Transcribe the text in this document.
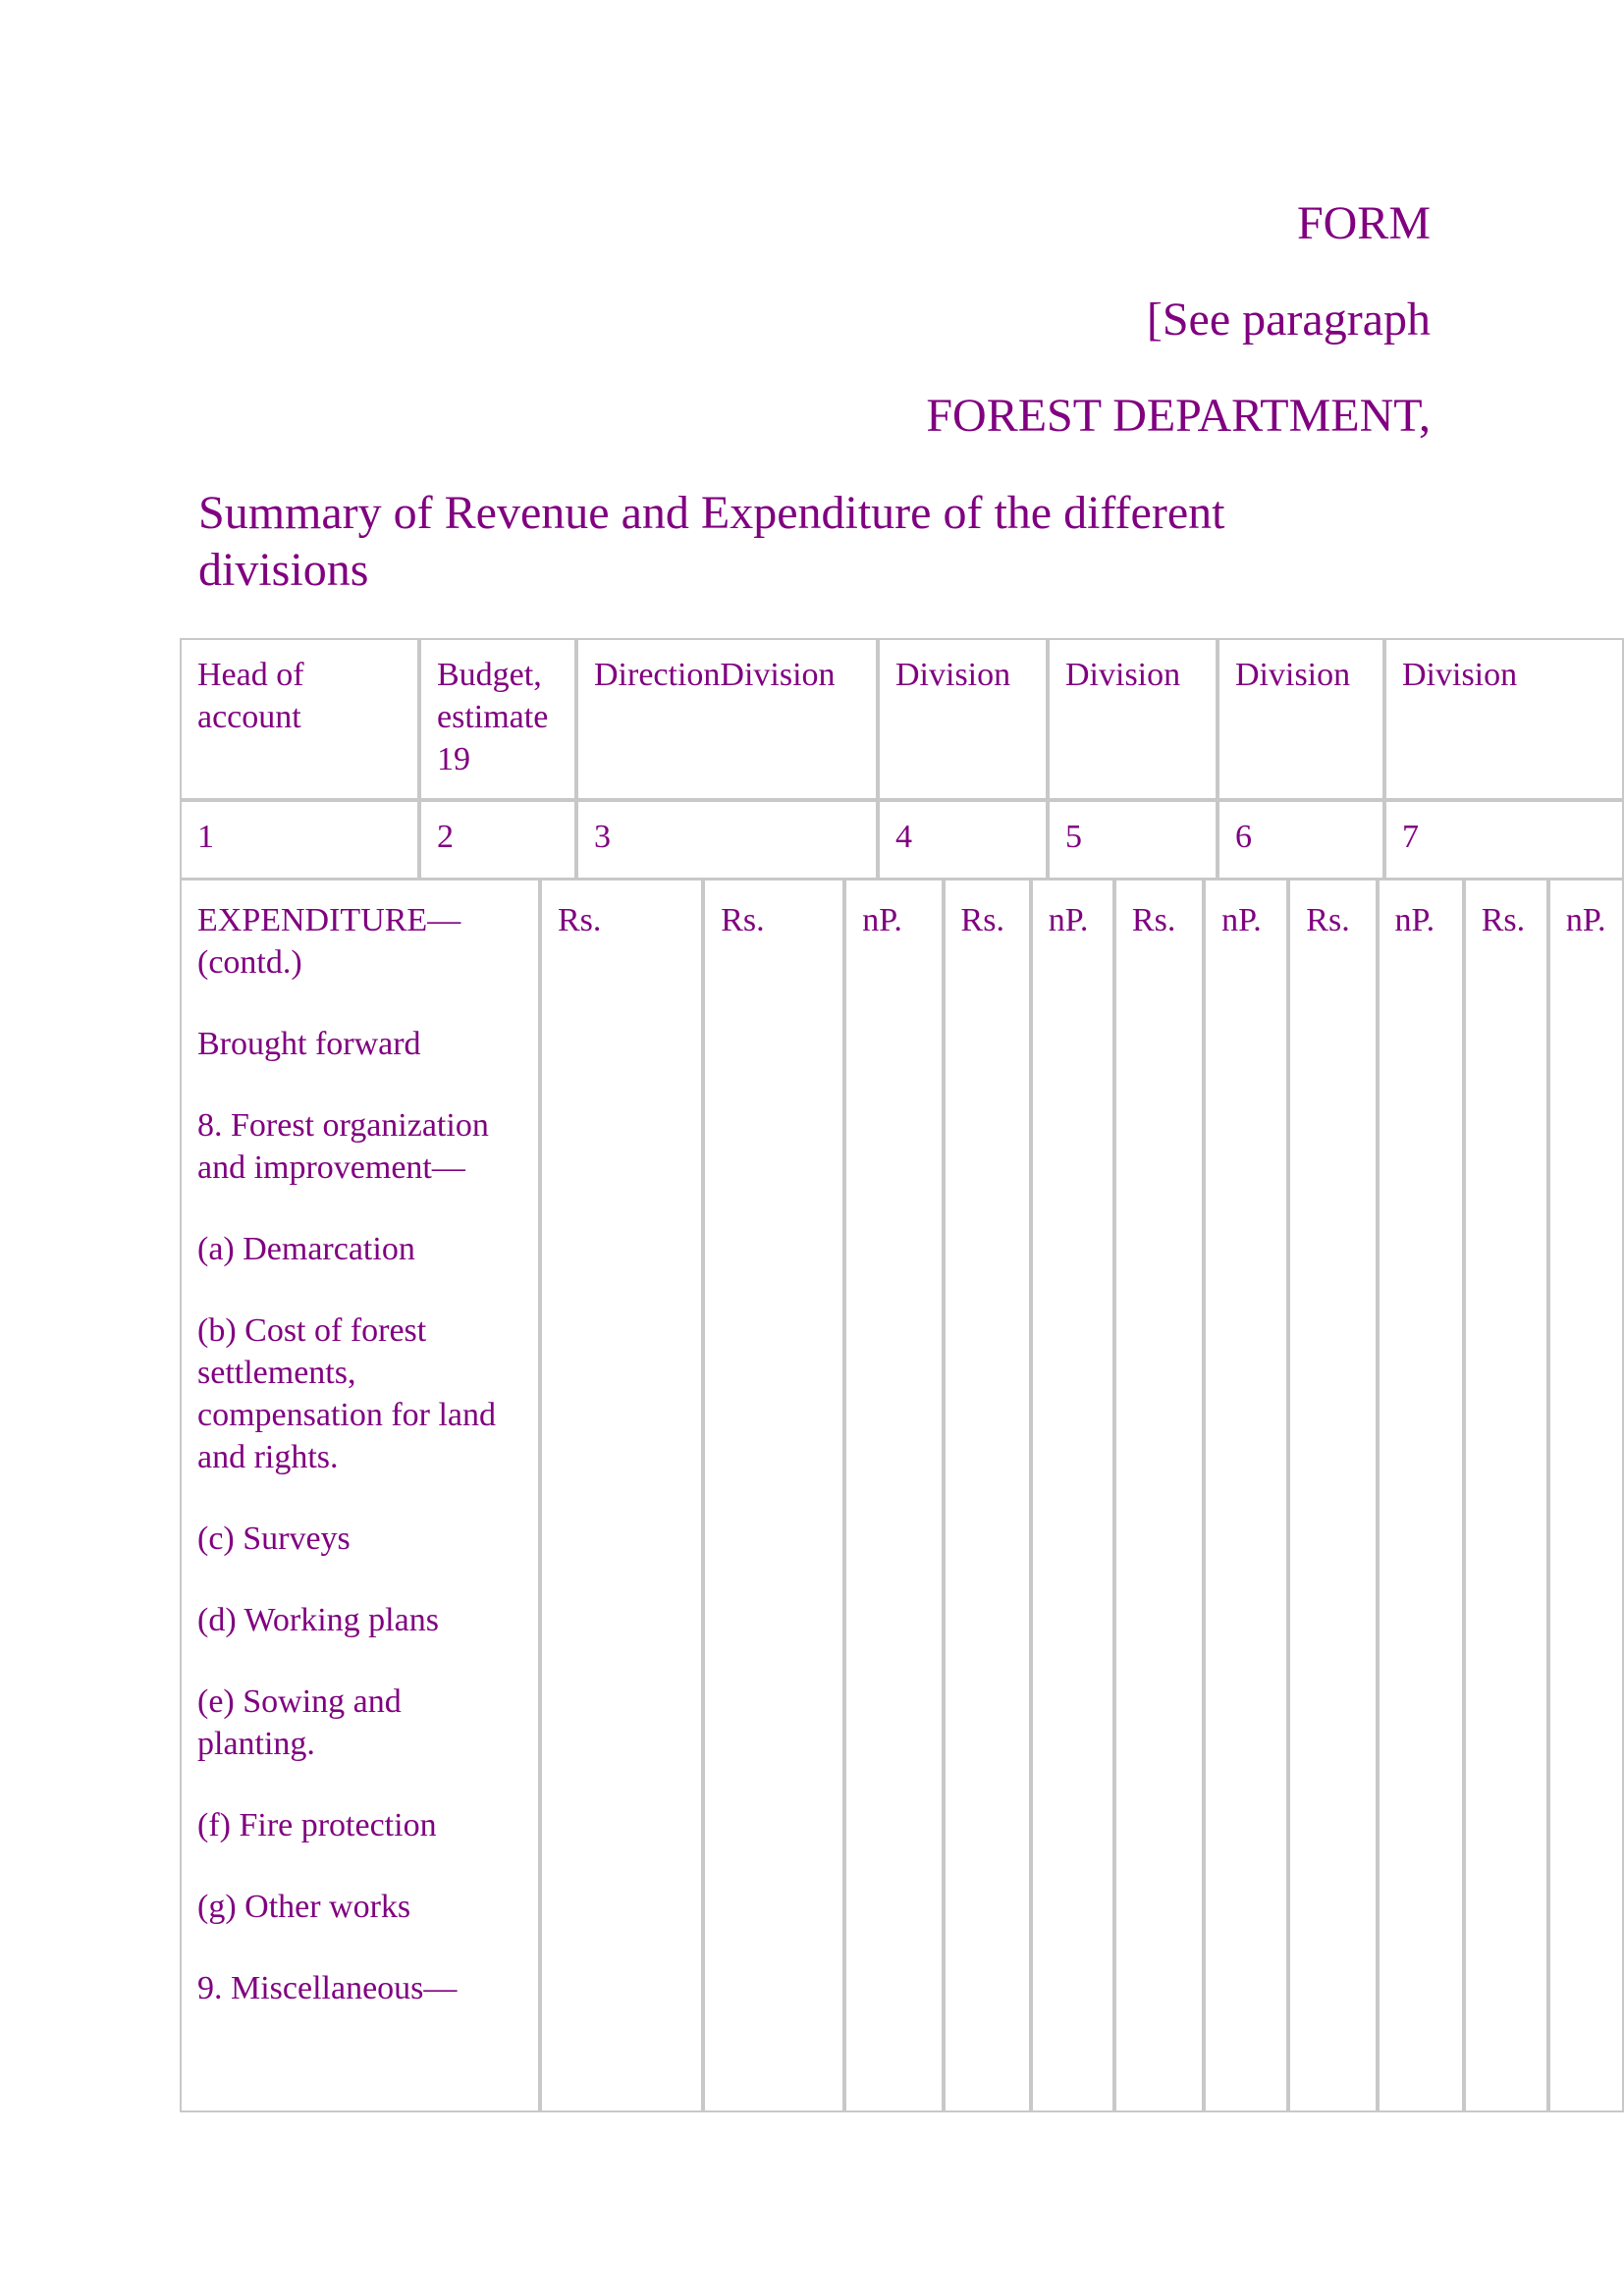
FORM

[See paragraph

FOREST DEPARTMENT,

Summary of Revenue and Expenditure of the different divisions
Head of account	Budget, estimate 19	DirectionDivision	Division	Division	Division	Division
1	2	3	4	5	6	7

EXPENDITURE—(contd.)

Brought forward

8. Forest organization and improvement—

(a) Demarcation

(b) Cost of forest settlements, compensation for land and rights.

(c) Surveys

(d) Working plans

(e) Sowing and planting.

(f) Fire protection

(g) Other works

9. Miscellaneous—

	Rs.	Rs.	nP.	Rs.	nP.	Rs.	nP.	Rs.	nP.	Rs.	nP.
